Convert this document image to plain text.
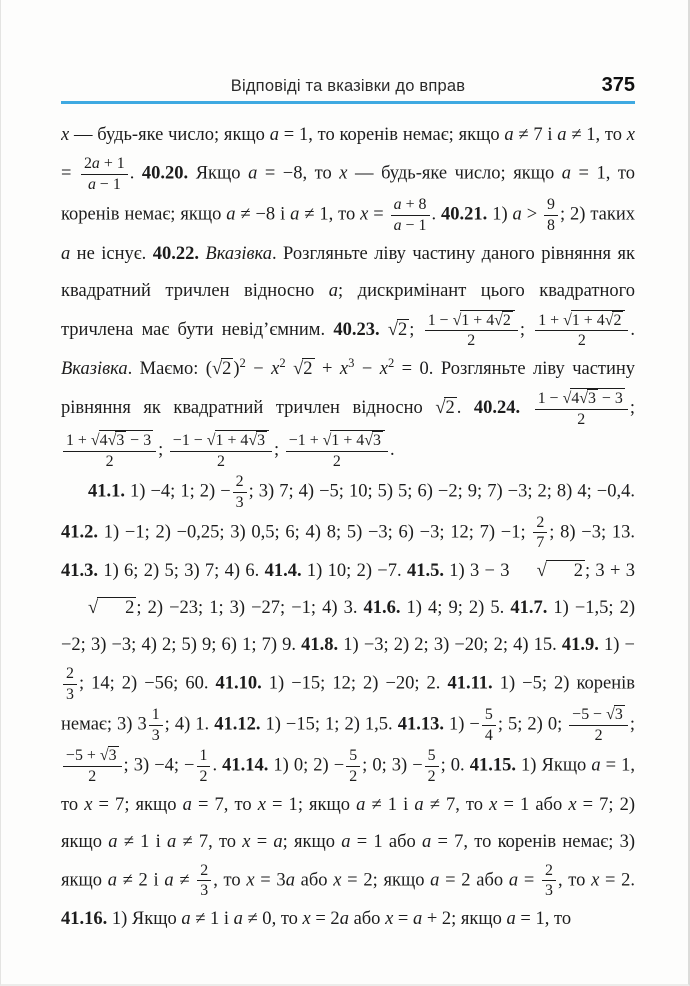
Відповіді та вказівки до вправ	375

x — будь-яке число; якщо a = 1, то коренів немає; якщо a ≠ 7 і a ≠ 1, то $x = \frac{2a + 1}{a - 1}$ . 40.20. Якщо a = −8, то x — будь-яке число; якщо a = 1, то коренів немає; якщо a ≠ −8 і a ≠ 1, то $x = \frac{a + 8}{a - 1}$ . 40.21. 1) $a > \frac{9}{8}$ ; 2) таких a не існує. 40.22. Вказівка. Розгляньте ліву частину даного рівняння як квадратний тричлен відносно a; дискримінант цього квадратного тричлена має бути невід’ємним. 40.23. √2 ; $\frac{1 - √1 + 4√2}{2}$ ; $\frac{1 + √1 + 4√2}{2}$ . Вказівка. Маємо: (√2 )$^2 - x^2$ $√2 + x^3 - x^2 = 0$. Розгляньте ліву частину рівняння як квадратний тричлен відносно √2 . 40.24. $\frac{1 - √4√3 - 3}{2}$ ;
$\frac{1 + √4√3 - 3}{2}$ ; $\frac{-1 - √1 + 4√3}{2}$ ; $\frac{-1 + √1 + 4√3}{2}$ .

41.1. 1) −4; 1; $2) - \frac{2}{3}$ ; 3) 7; 4) −5; 10; 5) 5; 6) −2; 9; 7) −3; 2; 8) 4; −0,4. 41.2. 1) −1; 2) −0,25; 3) 0,5; 6; 4) 8; 5) −3; 6) −3; 12; 7) −1; $\frac{2}{7}$ ; 8) −3; 13. 41.3. 1) 6; 2) 5; 3) 7; 4) 6. 41.4. 1) 10; 2) −7. 41.5. 1) 3 − 3 √ 2 ; 3 + 3√ 2 ; 2) −23; 1; 3) −27; −1; 4) 3. 41.6. 1) 4; 9; 2) 5. 41.7. 1) −1,5; 2) −2; 3) −3; 4) 2; 5) 9; 6) 1; 7) 9. 41.8. 1) −3; 2) 2; 3) −20; 2; 4) 15. 41.9. 1) −
$\frac{2}{3}$ ; 14; 2) −56; 60. 41.10. 1) −15; 12; 2) −20; 2. 41.11. 1) −5; 2) коренів немає; 3) $3 \frac{1}{3}$ ; 4) 1. 41.12. 1) −15; 1; 2) 1,5. 41.13. $1) - \frac{5}{4}$ ; 5; 2) 0; $\frac{-5 - √3}{2}$ ;
$\frac{-5 + √3}{2}$ ; 3) −4; − $\frac{1}{2}$ . 41.14. 1) 0; $2) - \frac{5}{2}$ ; 0; $3) - \frac{5}{2}$ ; 0. 41.15. 1) Якщо a = 1, то x = 7; якщо a = 7, то x = 1; якщо a ≠ 1 і a ≠ 7, то x = 1 або x = 7; 2) якщо a ≠ 1 і a ≠ 7, то x = a; якщо a = 1 або a = 7, то коренів немає; 3) якщо a ≠ 2 і $a \ne \frac{2}{3}$ , то x = 3a або x = 2; якщо a = 2 або $a = \frac{2}{3}$ , то x = 2. 41.16. 1) Якщо a ≠ 1 і a ≠ 0, то x = 2a або x = a + 2; якщо a = 1, то
